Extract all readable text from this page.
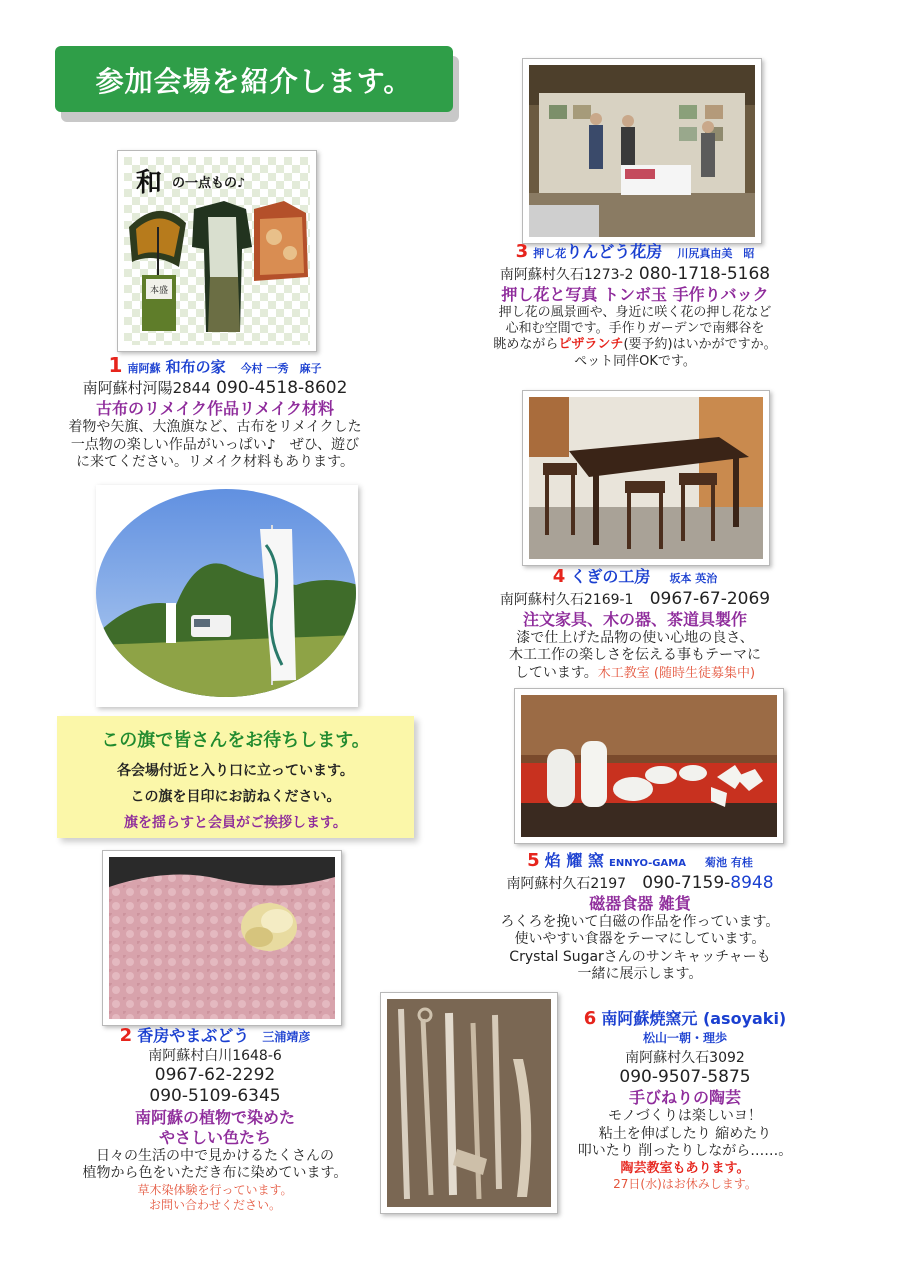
参加会場を紹介します。
和 の一点もの♪
本盛
1 南阿蘇 和布の家 今村 一秀　麻子
南阿蘇村河陽2844 090-4518-8602
古布のリメイク作品リメイク材料
着物や矢旗、大漁旗など、古布をリメイクした
一点物の楽しい作品がいっぱい♪　ぜひ、遊び
に来てください。リメイク材料もあります。
この旗で皆さんをお待ちします。
各会場付近と入り口に立っています。
この旗を目印にお訪ねください。
旗を揺らすと会員がご挨拶します。
2 香房やまぶどう 三浦靖彦
南阿蘇村白川1648-6
0967-62-2292
090-5109-6345
南阿蘇の植物で染めた
やさしい色たち
日々の生活の中で見かけるたくさんの
植物から色をいただき布に染めています。
草木染体験を行っています。
お問い合わせください。
3 押し花りんどう花房 川尻真由美　昭
南阿蘇村久石1273-2 080-1718-5168
押し花と写真 トンボ玉 手作りバック
押し花の風景画や、身近に咲く花の押し花など
心和む空間です。手作りガーデンで南郷谷を
眺めながらピザランチ(要予約)はいかがですか。
ペット同伴OKです。
4 くぎの工房 坂本 英治
南阿蘇村久石2169-1 0967-67-2069
注文家具、木の器、茶道具製作
漆で仕上げた品物の使い心地の良さ、
木工工作の楽しさを伝える事もテーマに
しています。木工教室 (随時生徒募集中)
5 焰 耀 窯 ENNYO-GAMA 菊池 有桂
南阿蘇村久石2197 090-7159-8948
磁器食器 雑貨
ろくろを挽いて白磁の作品を作っています。
使いやすい食器をテーマにしています。
Crystal Sugarさんのサンキャッチャーも
一緒に展示します。
6 南阿蘇焼窯元 (asoyaki)
松山一朝・理歩
南阿蘇村久石3092
090-9507-5875
手びねりの陶芸
モノづくりは楽しいヨ！
粘土を伸ばしたり 縮めたり
叩いたり 削ったりしながら……。
陶芸教室もあります。
27日(水)はお休みします。
